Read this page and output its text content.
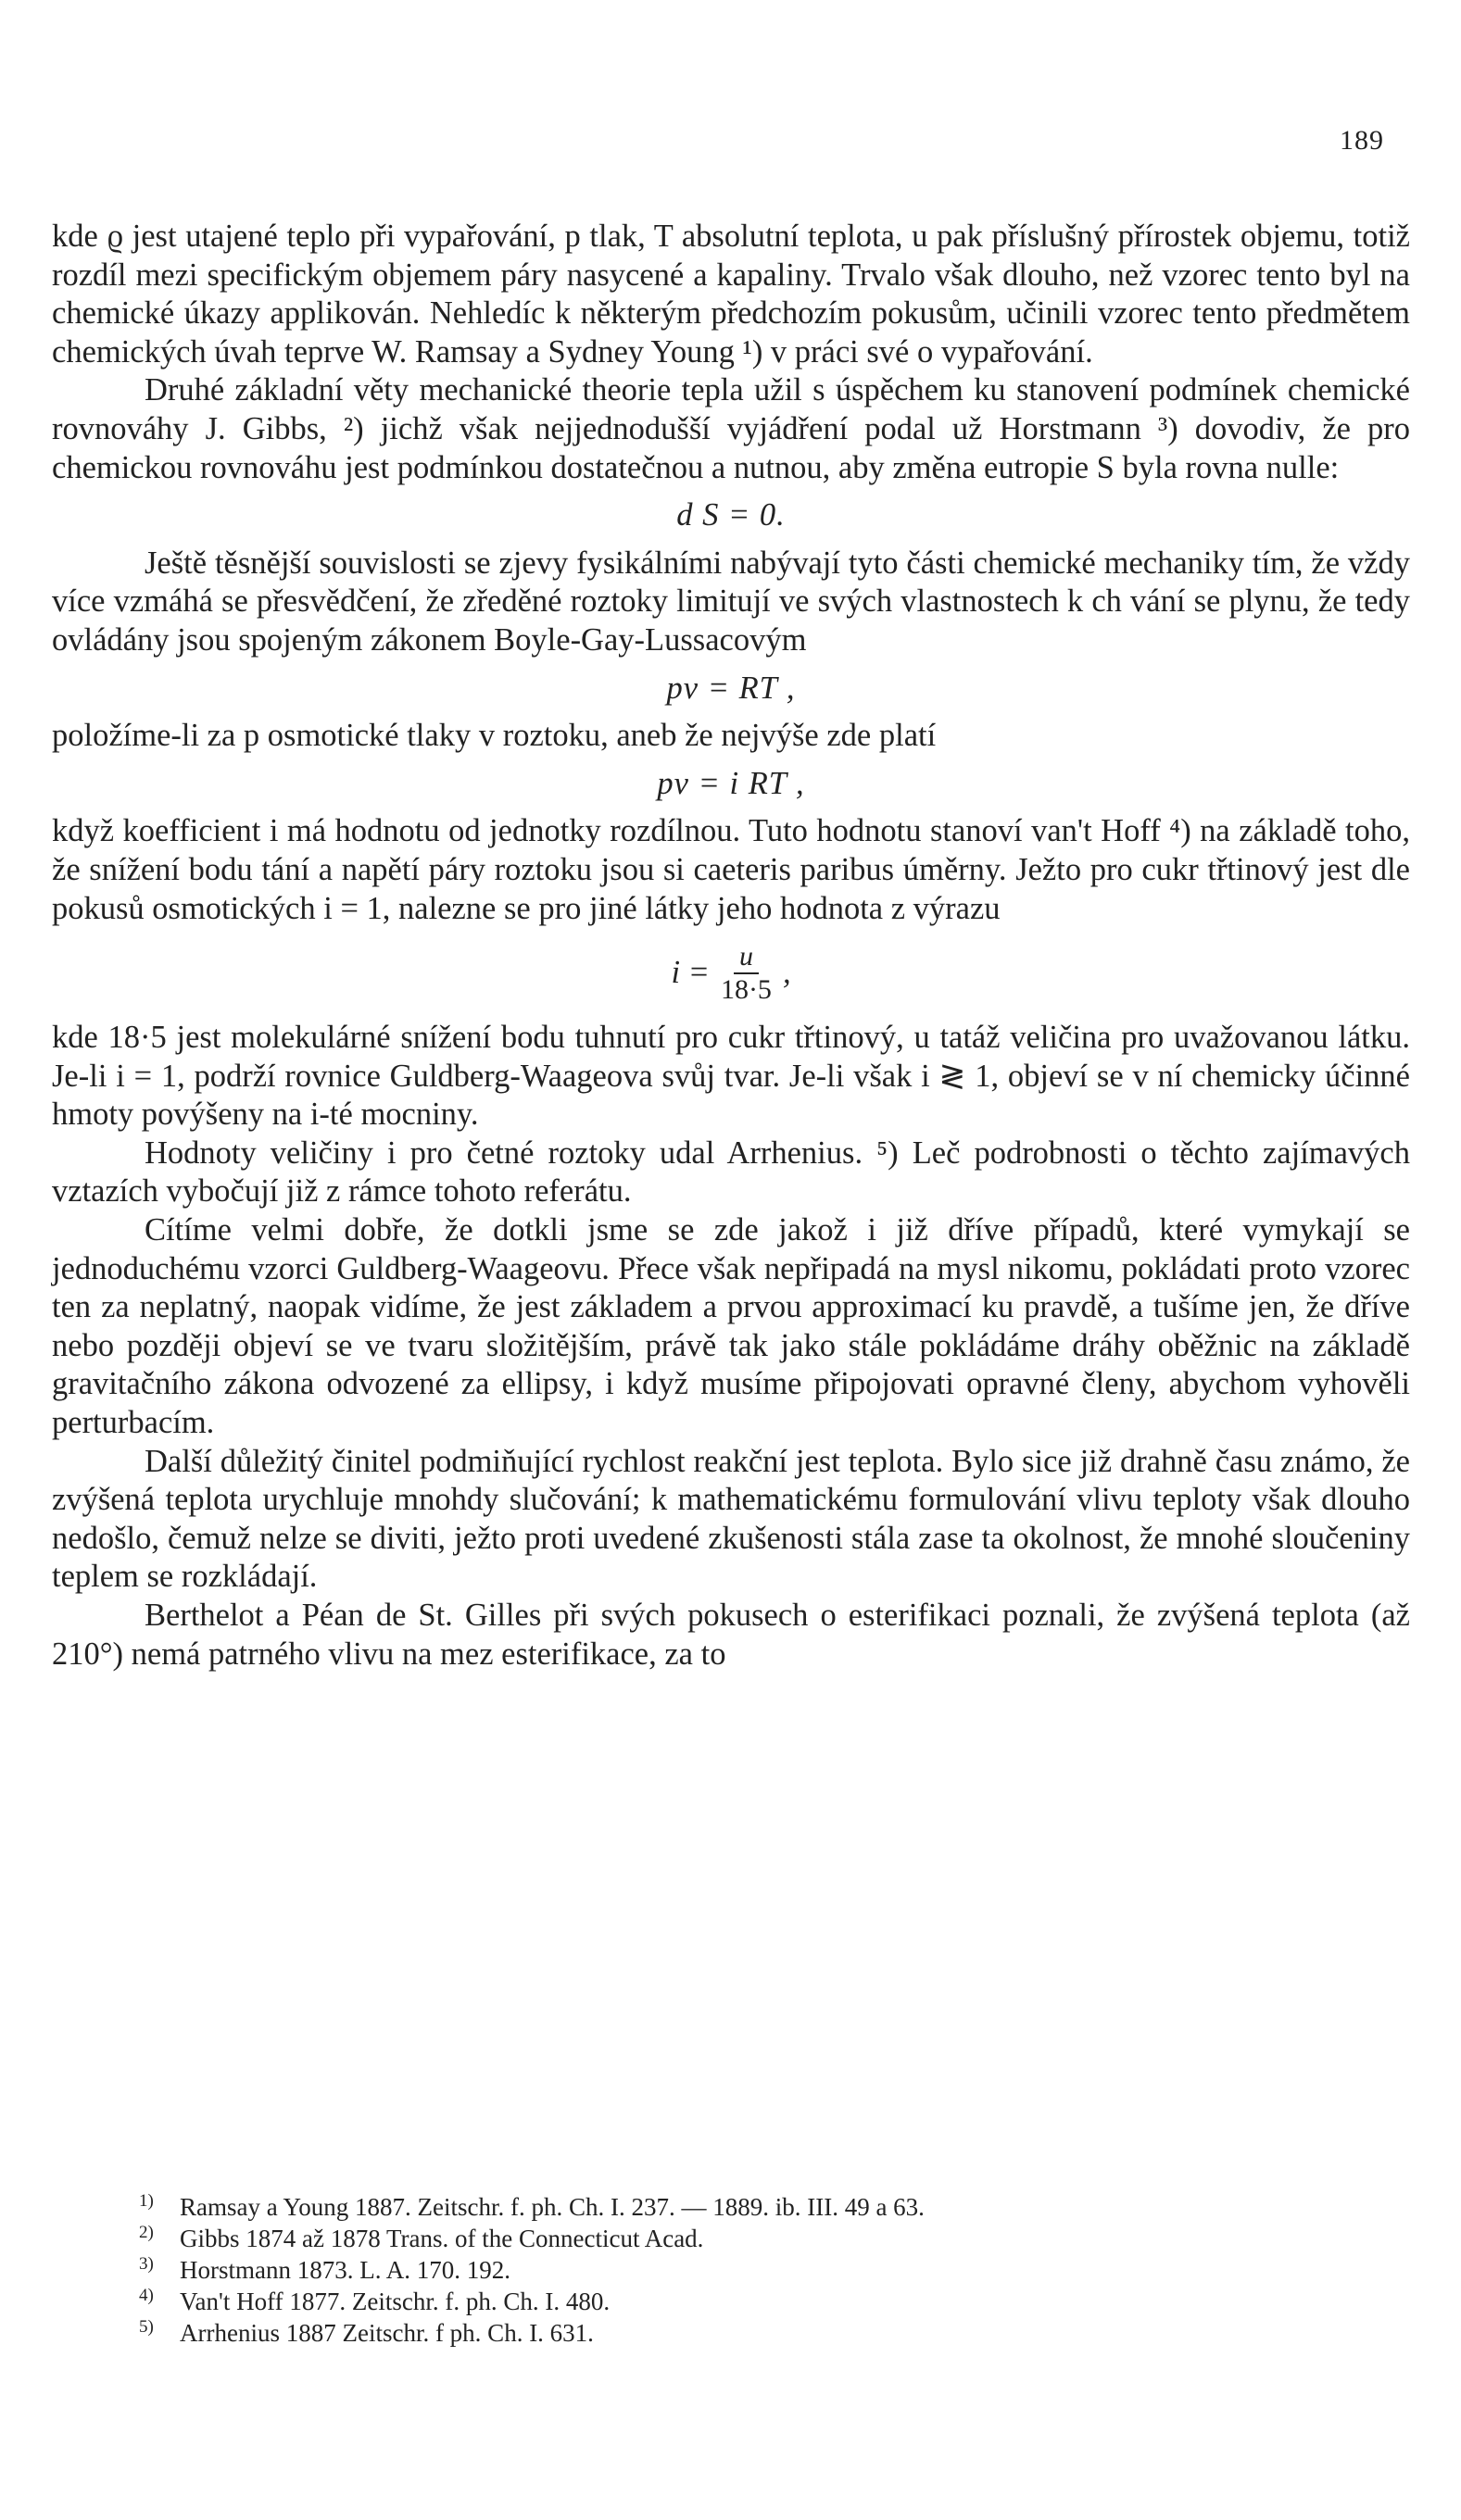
189

kde ϱ jest utajené teplo při vypařování, p tlak, T absolutní teplota, u pak příslušný přírostek objemu, totiž rozdíl mezi specifickým objemem páry nasycené a kapaliny. Trvalo však dlouho, než vzorec tento byl na chemické úkazy applikován. Nehledíc k některým předchozím pokusům, učinili vzorec tento předmětem chemických úvah teprve W. Ramsay a Sydney Young ¹) v práci své o vypařování.

Druhé základní věty mechanické theorie tepla užil s úspěchem ku stanovení podmínek chemické rovnováhy J. Gibbs, ²) jichž však nejjednodušší vyjádření podal už Horstmann ³) dovodiv, že pro chemickou rovnováhu jest podmínkou dostatečnou a nutnou, aby změna eutropie S byla rovna nulle:

d S = 0.

Ještě těsnější souvislosti se zjevy fysikálními nabývají tyto části chemické mechaniky tím, že vždy více vzmáhá se přesvědčení, že zředěné roztoky limitují ve svých vlastnostech k ch vání se plynu, že tedy ovládány jsou spojeným zákonem Boyle-Gay-Lussacovým

pv = RT ,

položíme-li za p osmotické tlaky v roztoku, aneb že nejvýše zde platí

pv = i RT ,

když koefficient i má hodnotu od jednotky rozdílnou. Tuto hodnotu stanoví van't Hoff ⁴) na základě toho, že snížení bodu tání a napětí páry roztoku jsou si caeteris paribus úměrny. Ježto pro cukr třtinový jest dle pokusů osmotických i = 1, nalezne se pro jiné látky jeho hodnota z výrazu

$i = \frac{u}{18\cdot 5}$ ,

kde 18·5 jest molekulárné snížení bodu tuhnutí pro cukr třtinový, u tatáž veličina pro uvažovanou látku. Je-li i = 1, podrží rovnice Guldberg-Waageova svůj tvar. Je-li však i ≷ 1, objeví se v ní chemicky účinné hmoty povýšeny na i-té mocniny.

Hodnoty veličiny i pro četné roztoky udal Arrhenius. ⁵) Leč podrobnosti o těchto zajímavých vztazích vybočují již z rámce tohoto referátu.

Cítíme velmi dobře, že dotkli jsme se zde jakož i již dříve případů, které vymykají se jednoduchému vzorci Guldberg-Waageovu. Přece však nepřipadá na mysl nikomu, pokládati proto vzorec ten za neplatný, naopak vidíme, že jest základem a prvou approximací ku pravdě, a tušíme jen, že dříve nebo později objeví se ve tvaru složitějším, právě tak jako stále pokládáme dráhy oběžnic na základě gravitačního zákona odvozené za ellipsy, i když musíme připojovati opravné členy, abychom vyhověli perturbacím.

Další důležitý činitel podmiňující rychlost reakční jest teplota. Bylo sice již drahně času známo, že zvýšená teplota urychluje mnohdy slučování; k mathematickému formulování vlivu teploty však dlouho nedošlo, čemuž nelze se diviti, ježto proti uvedené zkušenosti stála zase ta okolnost, že mnohé sloučeniny teplem se rozkládají.

Berthelot a Péan de St. Gilles při svých pokusech o esterifikaci poznali, že zvýšená teplota (až 210°) nemá patrného vlivu na mez esterifikace, za to

1) Ramsay a Young 1887. Zeitschr. f. ph. Ch. I. 237. — 1889. ib. III. 49 a 63.

2) Gibbs 1874 až 1878 Trans. of the Connecticut Acad.

3) Horstmann 1873. L. A. 170. 192.

4) Van't Hoff 1877. Zeitschr. f. ph. Ch. I. 480.

5) Arrhenius 1887 Zeitschr. f ph. Ch. I. 631.
